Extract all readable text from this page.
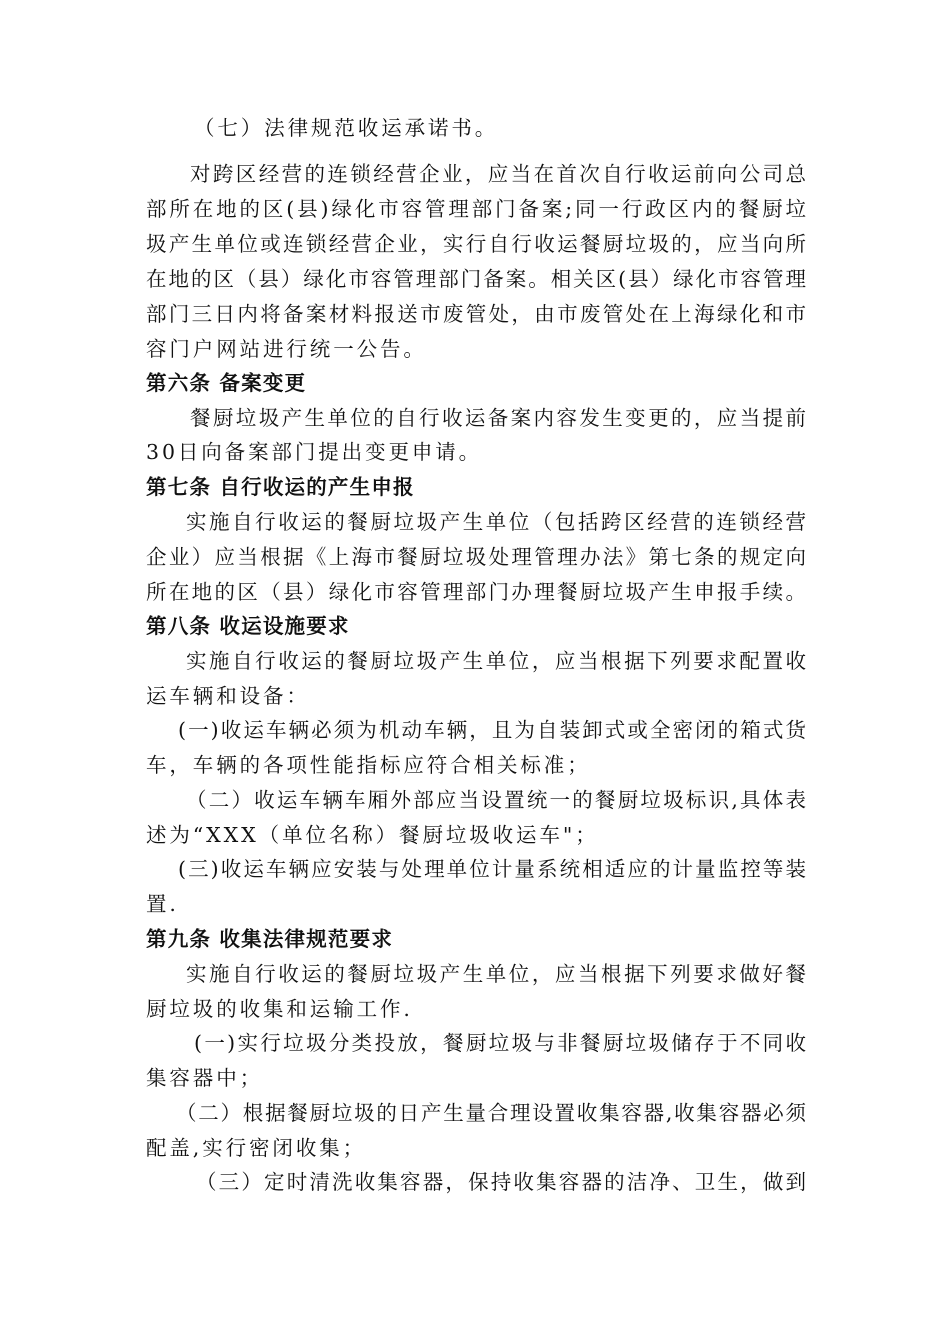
（七）法律规范收运承诺书。
对跨区经营的连锁经营企业，应当在首次自行收运前向公司总
部所在地的区(县)绿化市容管理部门备案;同一行政区内的餐厨垃
圾产生单位或连锁经营企业，实行自行收运餐厨垃圾的，应当向所
在地的区（县）绿化市容管理部门备案。相关区(县）绿化市容管理
部门三日内将备案材料报送市废管处，由市废管处在上海绿化和市
容门户网站进行统一公告。
第六条 备案变更
餐厨垃圾产生单位的自行收运备案内容发生变更的，应当提前
30日向备案部门提出变更申请。
第七条 自行收运的产生申报
实施自行收运的餐厨垃圾产生单位（包括跨区经营的连锁经营
企业）应当根据《上海市餐厨垃圾处理管理办法》第七条的规定向
所在地的区（县）绿化市容管理部门办理餐厨垃圾产生申报手续。
第八条 收运设施要求
实施自行收运的餐厨垃圾产生单位，应当根据下列要求配置收
运车辆和设备：
(一)收运车辆必须为机动车辆，且为自装卸式或全密闭的箱式货
车，车辆的各项性能指标应符合相关标准；
（二）收运车辆车厢外部应当设置统一的餐厨垃圾标识,具体表
述为“XXX（单位名称）餐厨垃圾收运车"；
(三)收运车辆应安装与处理单位计量系统相适应的计量监控等装
置.
第九条 收集法律规范要求
实施自行收运的餐厨垃圾产生单位，应当根据下列要求做好餐
厨垃圾的收集和运输工作.
(一)实行垃圾分类投放，餐厨垃圾与非餐厨垃圾储存于不同收
集容器中；
（二）根据餐厨垃圾的日产生量合理设置收集容器,收集容器必须
配盖,实行密闭收集；
（三）定时清洗收集容器，保持收集容器的洁净、卫生，做到
